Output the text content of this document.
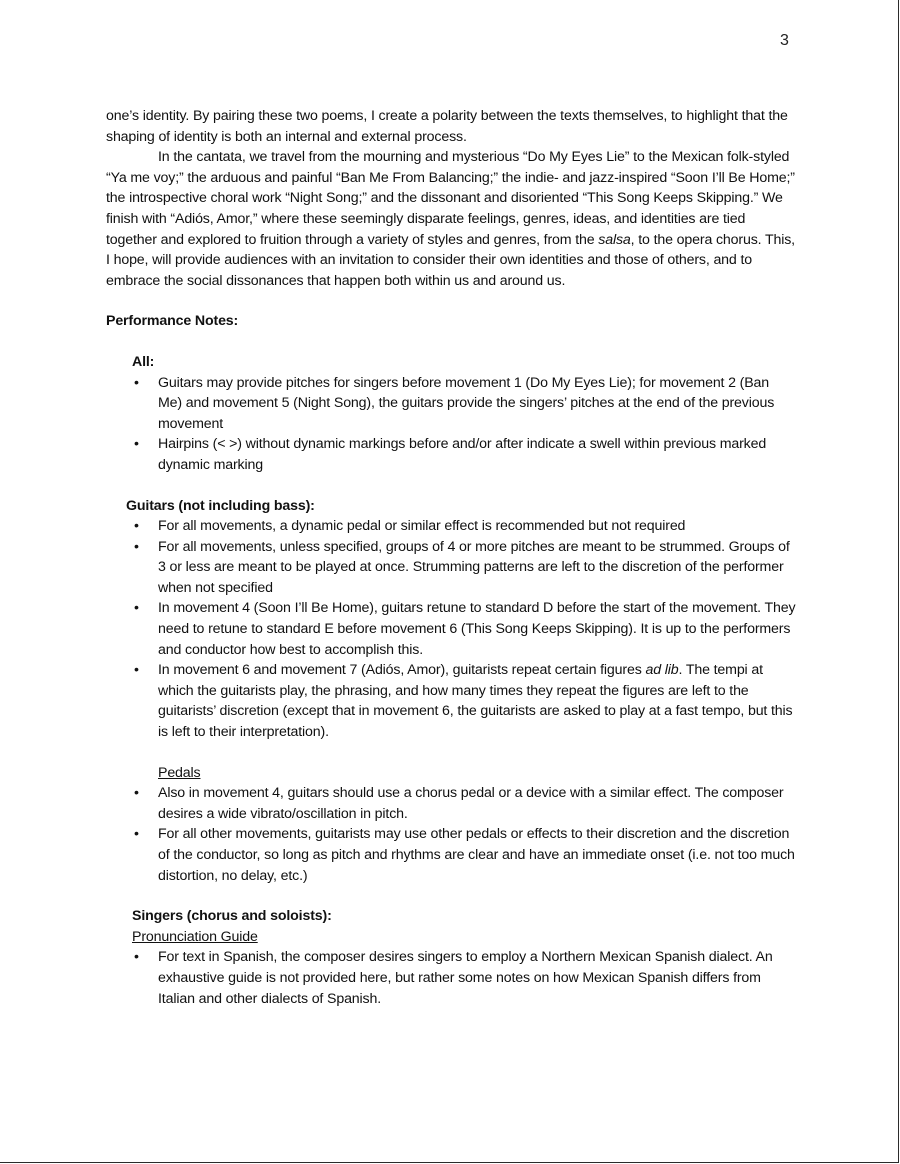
3

one’s identity. By pairing these two poems, I create a polarity between the texts themselves, to highlight that the shaping of identity is both an internal and external process.

In the cantata, we travel from the mourning and mysterious “Do My Eyes Lie” to the Mexican folk-styled “Ya me voy;” the arduous and painful “Ban Me From Balancing;” the indie- and jazz-inspired “Soon I’ll Be Home;” the introspective choral work “Night Song;” and the dissonant and disoriented “This Song Keeps Skipping.” We finish with “Adiós, Amor,” where these seemingly disparate feelings, genres, ideas, and identities are tied together and explored to fruition through a variety of styles and genres, from the salsa, to the opera chorus. This, I hope, will provide audiences with an invitation to consider their own identities and those of others, and to embrace the social dissonances that happen both within us and around us.

Performance Notes:

All:

• Guitars may provide pitches for singers before movement 1 (Do My Eyes Lie); for movement 2 (Ban Me) and movement 5 (Night Song), the guitars provide the singers’ pitches at the end of the previous movement
• Hairpins (< >) without dynamic markings before and/or after indicate a swell within previous marked dynamic marking

Guitars (not including bass):

• For all movements, a dynamic pedal or similar effect is recommended but not required
• For all movements, unless specified, groups of 4 or more pitches are meant to be strummed. Groups of 3 or less are meant to be played at once. Strumming patterns are left to the discretion of the performer when not specified
• In movement 4 (Soon I’ll Be Home), guitars retune to standard D before the start of the movement. They need to retune to standard E before movement 6 (This Song Keeps Skipping). It is up to the performers and conductor how best to accomplish this.
• In movement 6 and movement 7 (Adiós, Amor), guitarists repeat certain figures ad lib. The tempi at which the guitarists play, the phrasing, and how many times they repeat the figures are left to the guitarists’ discretion (except that in movement 6, the guitarists are asked to play at a fast tempo, but this is left to their interpretation).

Pedals

• Also in movement 4, guitars should use a chorus pedal or a device with a similar effect. The composer desires a wide vibrato/oscillation in pitch.
• For all other movements, guitarists may use other pedals or effects to their discretion and the discretion of the conductor, so long as pitch and rhythms are clear and have an immediate onset (i.e. not too much distortion, no delay, etc.)

Singers (chorus and soloists):

Pronunciation Guide

• For text in Spanish, the composer desires singers to employ a Northern Mexican Spanish dialect. An exhaustive guide is not provided here, but rather some notes on how Mexican Spanish differs from Italian and other dialects of Spanish.
